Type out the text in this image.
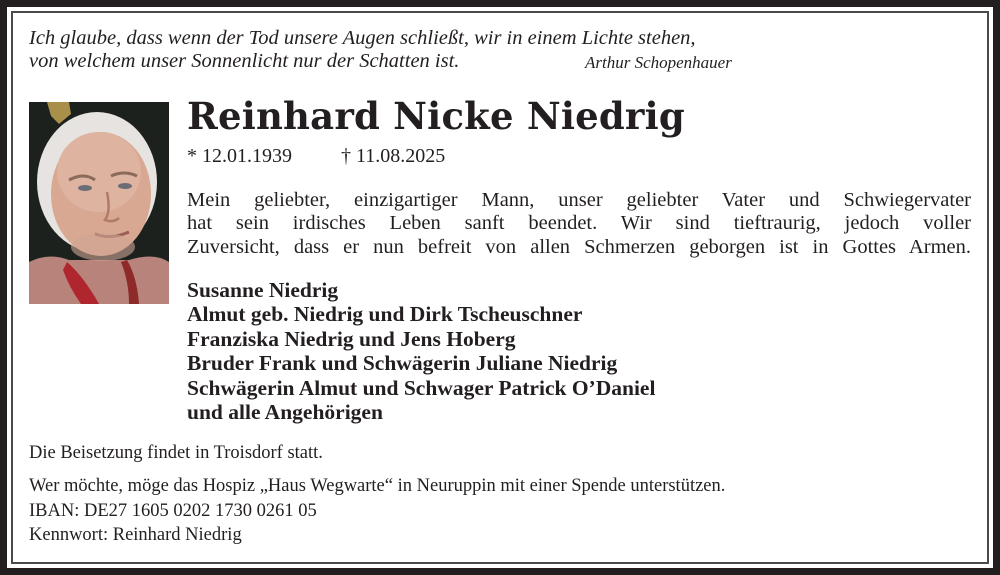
Ich glaube, dass wenn der Tod unsere Augen schließt, wir in einem Lichte stehen,
von welchem unser Sonnenlicht nur der Schatten ist.	Arthur Schopenhauer
Reinhard Nicke Niedrig
* 12.01.1939 † 11.08.2025
Mein geliebter, einzigartiger Mann, unser geliebter Vater und Schwiegervater
hat sein irdisches Leben sanft beendet. Wir sind tieftraurig, jedoch voller
Zuversicht, dass er nun befreit von allen Schmerzen geborgen ist in Gottes Armen.
Susanne Niedrig
Almut geb. Niedrig und Dirk Tscheuschner
Franziska Niedrig und Jens Hoberg
Bruder Frank und Schwägerin Juliane Niedrig
Schwägerin Almut und Schwager Patrick O’Daniel
und alle Angehörigen
Die Beisetzung findet in Troisdorf statt.
Wer möchte, möge das Hospiz „Haus Wegwarte“ in Neuruppin mit einer Spende unterstützen.
IBAN: DE27 1605 0202 1730 0261 05
Kennwort: Reinhard Niedrig
